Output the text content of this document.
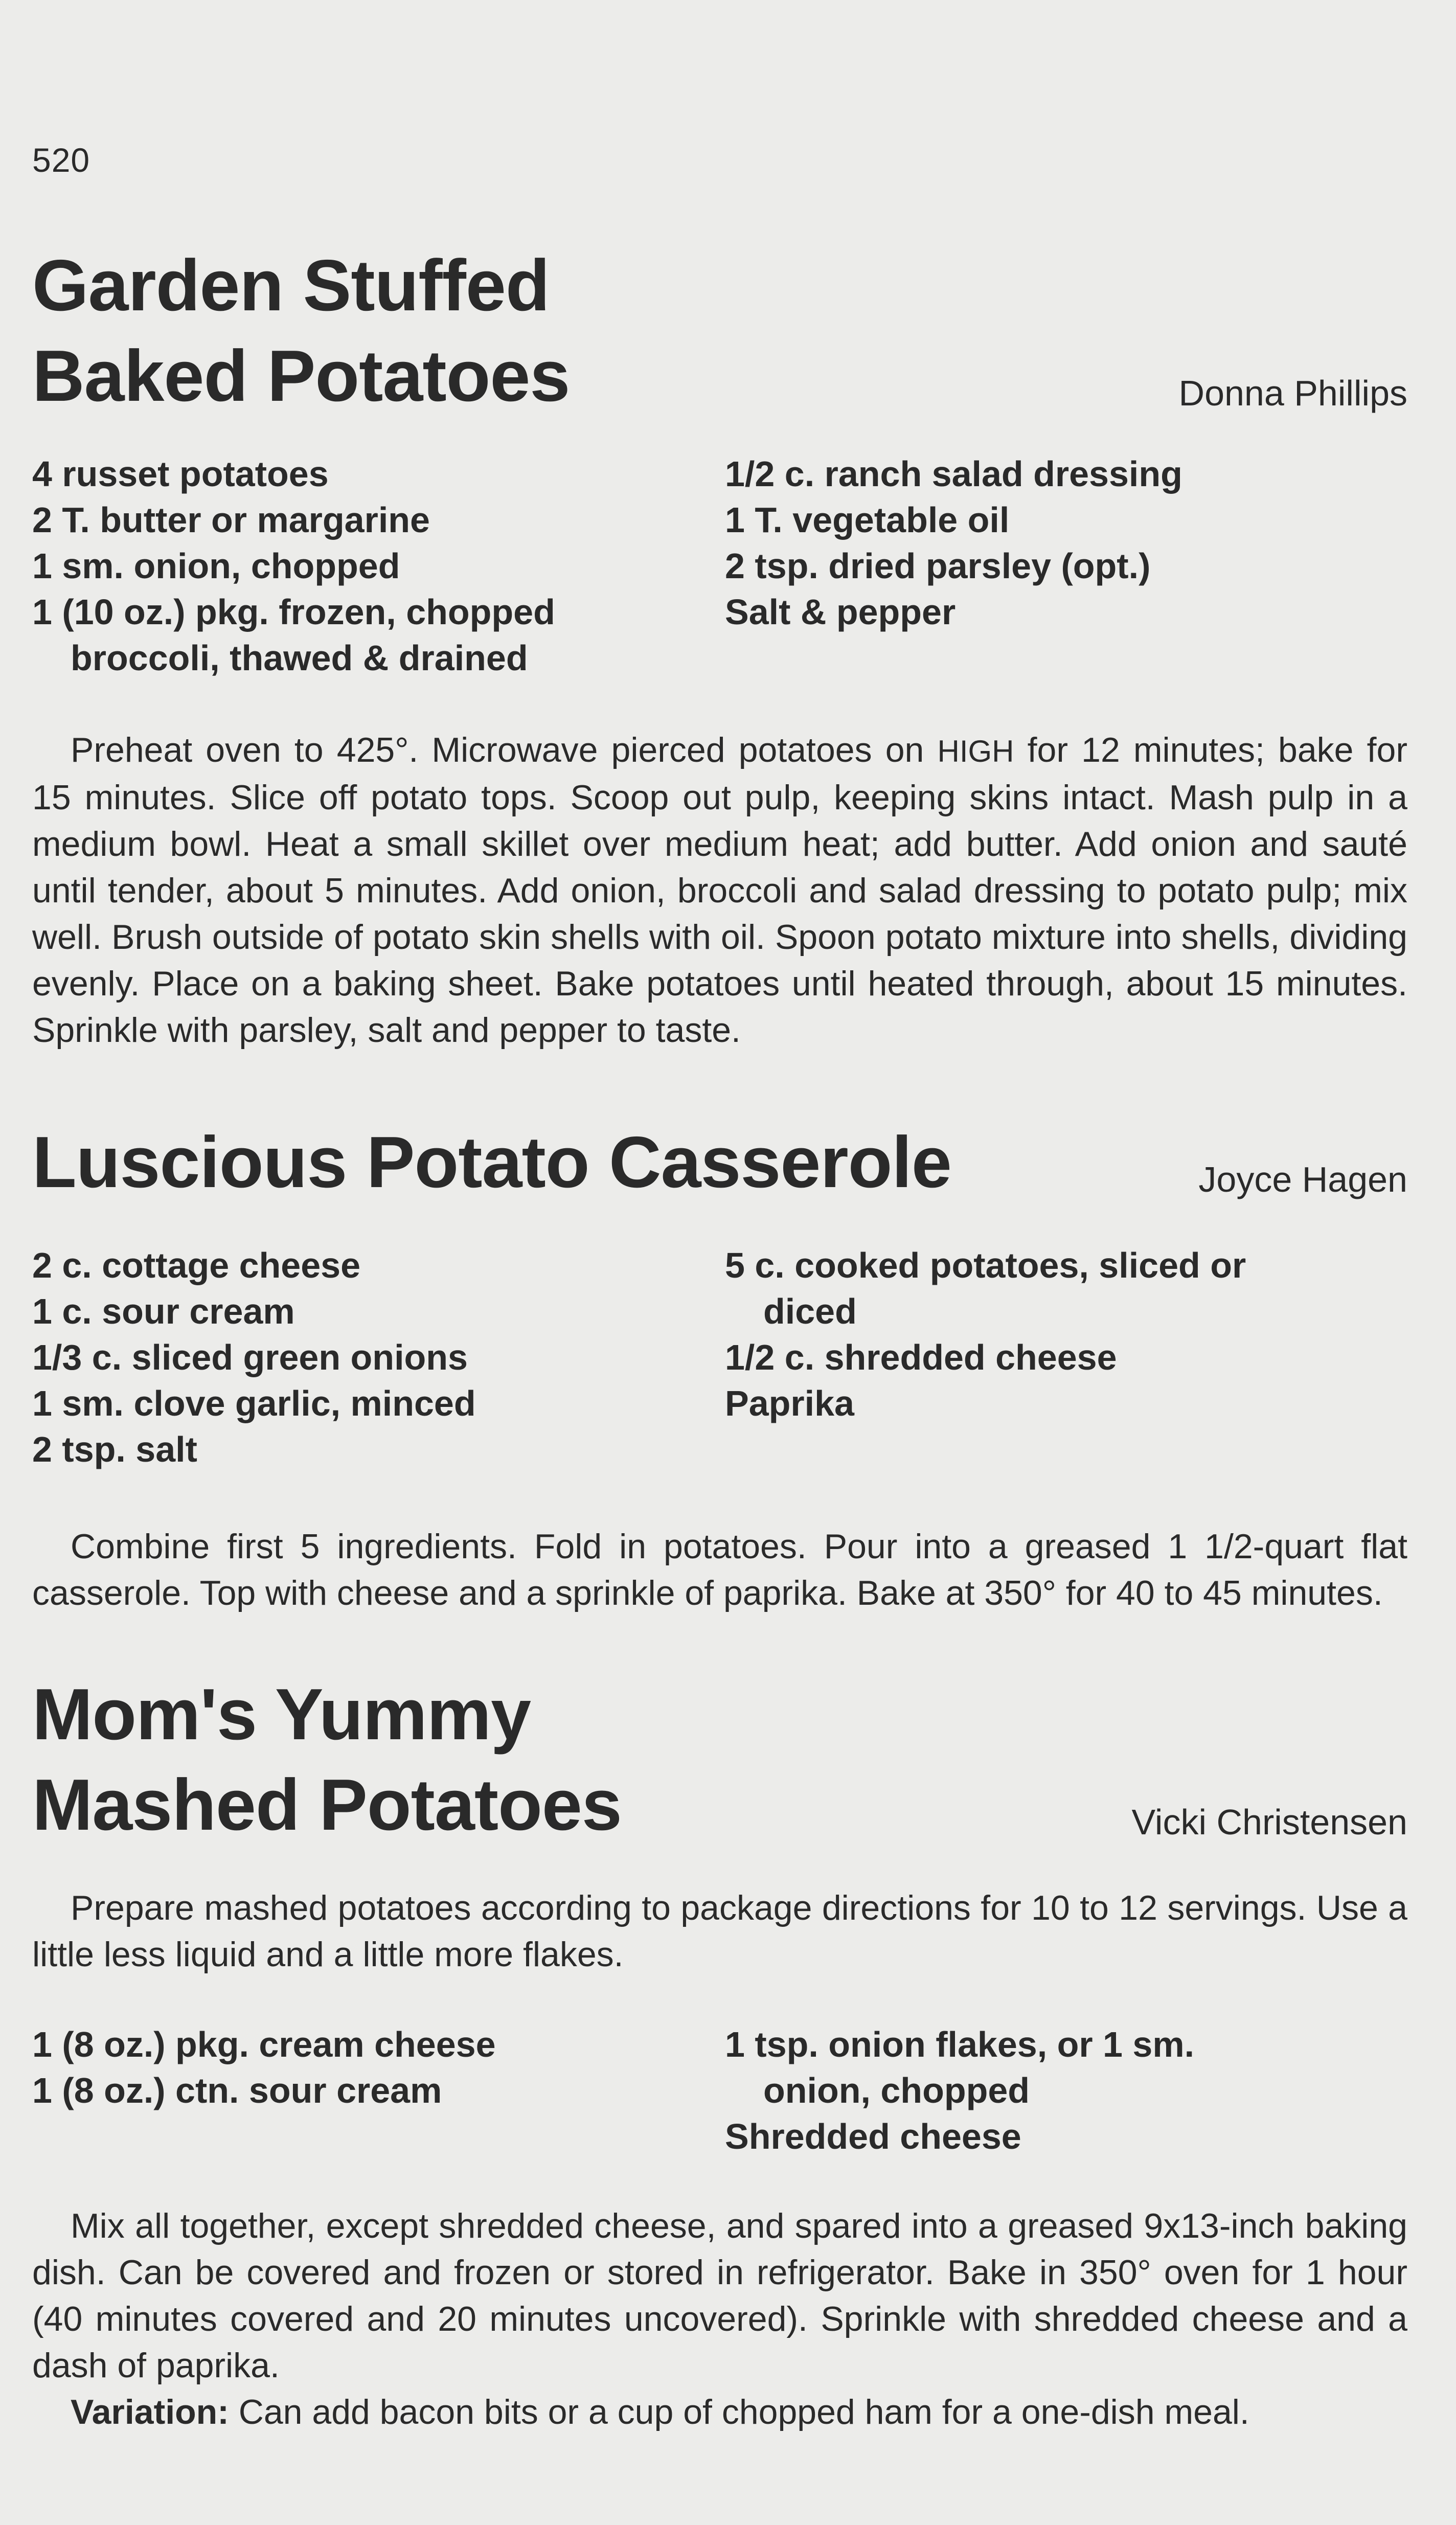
520
Garden Stuffed
Baked Potatoes	Donna Phillips
4 russet potatoes
2 T. butter or margarine
1 sm. onion, chopped
1 (10 oz.) pkg. frozen, chopped
broccoli, thawed & drained
1/2 c. ranch salad dressing
1 T. vegetable oil
2 tsp. dried parsley (opt.)
Salt & pepper

Preheat oven to 425°. Microwave pierced potatoes on HIGH for 12 minutes; bake for 15 minutes. Slice off potato tops. Scoop out pulp, keeping skins intact. Mash pulp in a medium bowl. Heat a small skillet over medium heat; add butter. Add onion and sauté until tender, about 5 minutes. Add onion, broccoli and salad dressing to potato pulp; mix well. Brush outside of potato skin shells with oil. Spoon potato mixture into shells, dividing evenly. Place on a baking sheet. Bake potatoes until heated through, about 15 minutes. Sprinkle with parsley, salt and pepper to taste.

Luscious Potato Casserole	Joyce Hagen
2 c. cottage cheese
1 c. sour cream
1/3 c. sliced green onions
1 sm. clove garlic, minced
2 tsp. salt
5 c. cooked potatoes, sliced or
diced
1/2 c. shredded cheese
Paprika

Combine first 5 ingredients. Fold in potatoes. Pour into a greased 1 1/2-quart flat casserole. Top with cheese and a sprinkle of paprika. Bake at 350° for 40 to 45 minutes.

Mom's Yummy
Mashed Potatoes	Vicki Christensen

Prepare mashed potatoes according to package directions for 10 to 12 servings. Use a little less liquid and a little more flakes.

1 (8 oz.) pkg. cream cheese
1 (8 oz.) ctn. sour cream
1 tsp. onion flakes, or 1 sm.
onion, chopped
Shredded cheese

Mix all together, except shredded cheese, and spared into a greased 9x13-inch baking dish. Can be covered and frozen or stored in refrigerator. Bake in 350° oven for 1 hour (40 minutes covered and 20 minutes uncovered). Sprinkle with shredded cheese and a dash of paprika.

Variation: Can add bacon bits or a cup of chopped ham for a one-dish meal.
